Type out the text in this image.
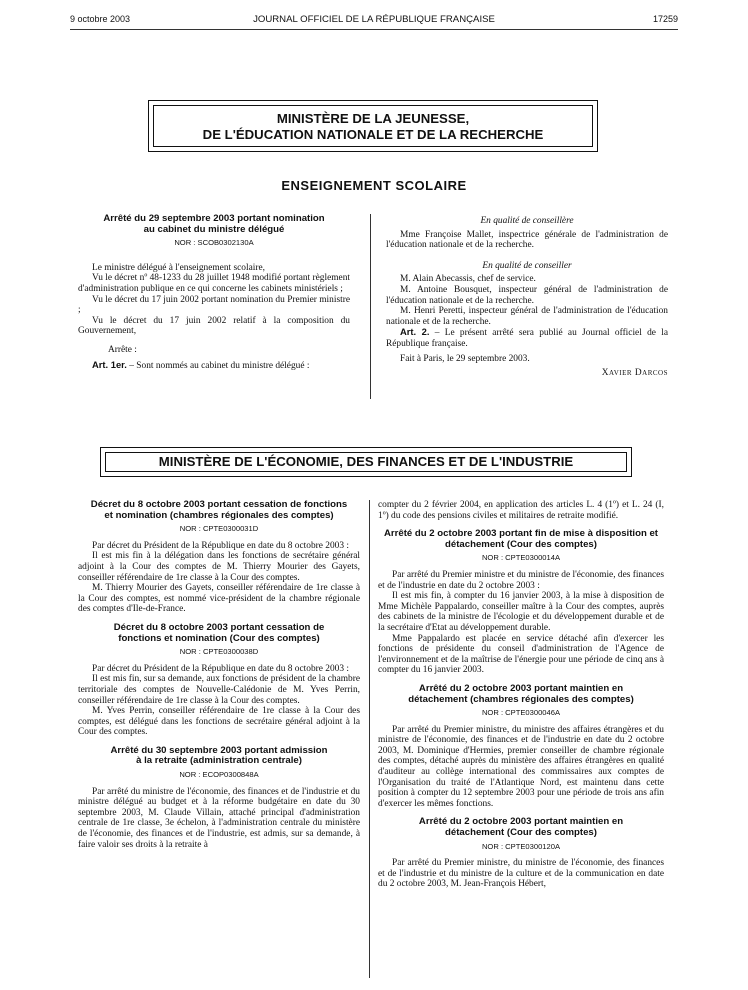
9 octobre 2003	JOURNAL OFFICIEL DE LA RÉPUBLIQUE FRANÇAISE	17259
MINISTÈRE DE LA JEUNESSE,
DE L'ÉDUCATION NATIONALE ET DE LA RECHERCHE
ENSEIGNEMENT SCOLAIRE
Arrêté du 29 septembre 2003 portant nomination au cabinet du ministre délégué
NOR : SCOB0302130A

Le ministre délégué à l'enseignement scolaire,

Vu le décret nº 48-1233 du 28 juillet 1948 modifié portant règlement d'administration publique en ce qui concerne les cabinets ministériels ;

Vu le décret du 17 juin 2002 portant nomination du Premier ministre ;

Vu le décret du 17 juin 2002 relatif à la composition du Gouvernement,

Arrête :

Art. 1er. – Sont nommés au cabinet du ministre délégué :

En qualité de conseillère

Mme Françoise Mallet, inspectrice générale de l'administration de l'éducation nationale et de la recherche.

En qualité de conseiller

M. Alain Abecassis, chef de service.

M. Antoine Bousquet, inspecteur général de l'administration de l'éducation nationale et de la recherche.

M. Henri Peretti, inspecteur général de l'administration de l'éducation nationale et de la recherche.

Art. 2. – Le présent arrêté sera publié au Journal officiel de la République française.

Fait à Paris, le 29 septembre 2003.

Xavier Darcos
MINISTÈRE DE L'ÉCONOMIE, DES FINANCES ET DE L'INDUSTRIE
Décret du 8 octobre 2003 portant cessation de fonctions et nomination (chambres régionales des comptes)
NOR : CPTE0300031D

Par décret du Président de la République en date du 8 octobre 2003 :

Il est mis fin à la délégation dans les fonctions de secrétaire général adjoint à la Cour des comptes de M. Thierry Mourier des Gayets, conseiller référendaire de 1re classe à la Cour des comptes.

M. Thierry Mourier des Gayets, conseiller référendaire de 1re classe à la Cour des comptes, est nommé vice-président de la chambre régionale des comptes d'Ile-de-France.

Décret du 8 octobre 2003 portant cessation de fonctions et nomination (Cour des comptes)
NOR : CPTE0300038D

Par décret du Président de la République en date du 8 octobre 2003 :

Il est mis fin, sur sa demande, aux fonctions de président de la chambre territoriale des comptes de Nouvelle-Calédonie de M. Yves Perrin, conseiller référendaire de 1re classe à la Cour des comptes.

M. Yves Perrin, conseiller référendaire de 1re classe à la Cour des comptes, est délégué dans les fonctions de secrétaire général adjoint à la Cour des comptes.

Arrêté du 30 septembre 2003 portant admission à la retraite (administration centrale)
NOR : ECOP0300848A

Par arrêté du ministre de l'économie, des finances et de l'industrie et du ministre délégué au budget et à la réforme budgétaire en date du 30 septembre 2003, M. Claude Villain, attaché principal d'administration centrale de 1re classe, 3e échelon, à l'administration centrale du ministère de l'économie, des finances et de l'industrie, est admis, sur sa demande, à faire valoir ses droits à la retraite à

compter du 2 février 2004, en application des articles L. 4 (1º) et L. 24 (I, 1º) du code des pensions civiles et militaires de retraite modifié.

Arrêté du 2 octobre 2003 portant fin de mise à disposition et détachement (Cour des comptes)
NOR : CPTE0300014A

Par arrêté du Premier ministre et du ministre de l'économie, des finances et de l'industrie en date du 2 octobre 2003 :

Il est mis fin, à compter du 16 janvier 2003, à la mise à disposition de Mme Michèle Pappalardo, conseiller maître à la Cour des comptes, auprès des cabinets de la ministre de l'écologie et du développement durable et de la secrétaire d'Etat au développement durable.

Mme Pappalardo est placée en service détaché afin d'exercer les fonctions de présidente du conseil d'administration de l'Agence de l'environnement et de la maîtrise de l'énergie pour une période de cinq ans à compter du 16 janvier 2003.

Arrêté du 2 octobre 2003 portant maintien en détachement (chambres régionales des comptes)
NOR : CPTE0300046A

Par arrêté du Premier ministre, du ministre des affaires étrangères et du ministre de l'économie, des finances et de l'industrie en date du 2 octobre 2003, M. Dominique d'Hermies, premier conseiller de chambre régionale des comptes, détaché auprès du ministère des affaires étrangères en qualité d'auditeur au collège international des commissaires aux comptes de l'Organisation du traité de l'Atlantique Nord, est maintenu dans cette position à compter du 12 septembre 2003 pour une période de trois ans afin d'exercer les mêmes fonctions.

Arrêté du 2 octobre 2003 portant maintien en détachement (Cour des comptes)
NOR : CPTE0300120A

Par arrêté du Premier ministre, du ministre de l'économie, des finances et de l'industrie et du ministre de la culture et de la communication en date du 2 octobre 2003, M. Jean-François Hébert,
